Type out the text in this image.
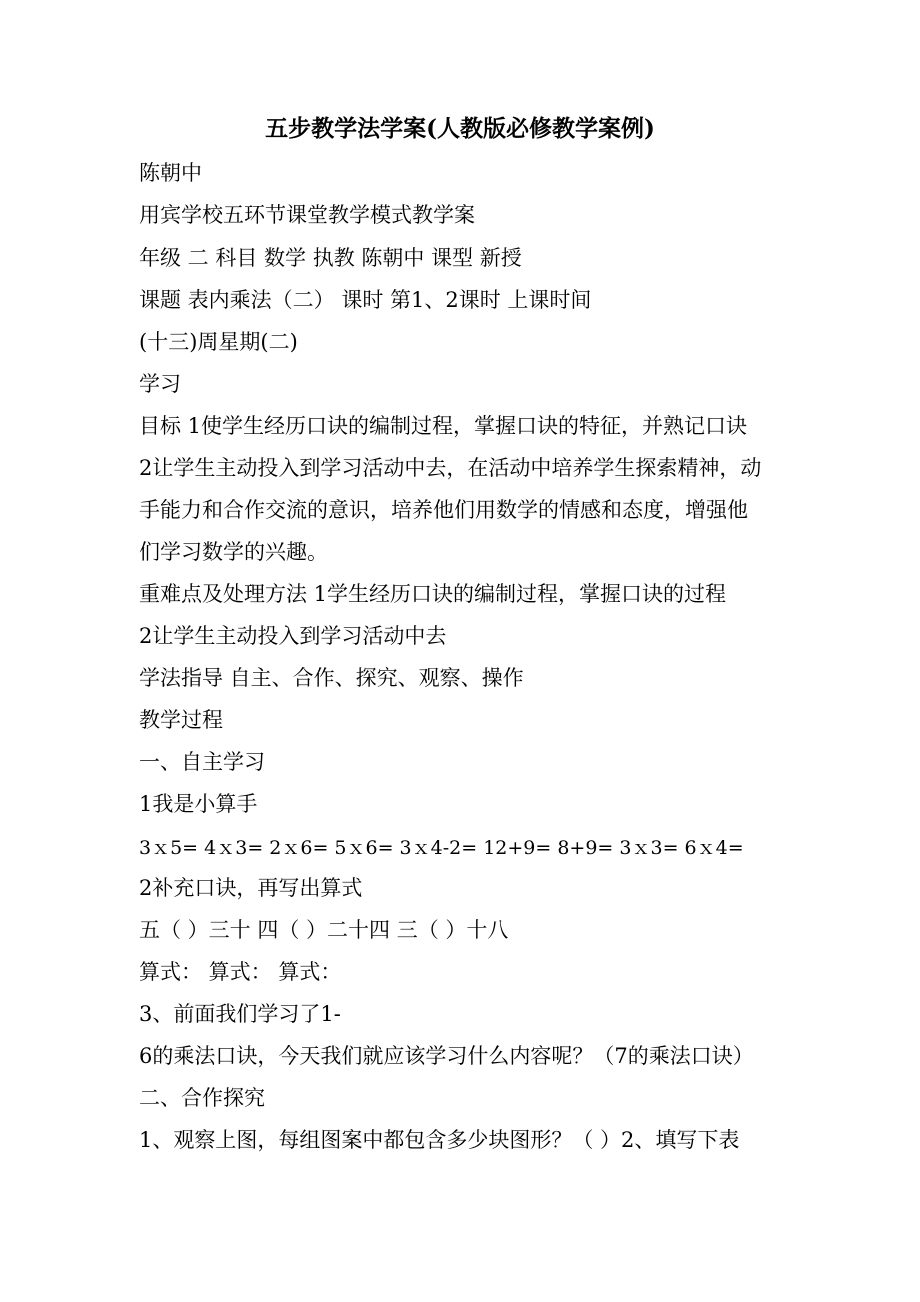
五步教学法学案(人教版必修教学案例)
陈朝中
用宾学校五环节课堂教学模式教学案
年级 二 科目 数学 执教 陈朝中 课型 新授
课题 表内乘法（二） 课时 第1、2课时 上课时间
(十三)周星期(二)
学习
目标 1使学生经历口诀的编制过程，掌握口诀的特征，并熟记口诀
2让学生主动投入到学习活动中去，在活动中培养学生探索精神，动
手能力和合作交流的意识，培养他们用数学的情感和态度，增强他
们学习数学的兴趣。
重难点及处理方法 1学生经历口诀的编制过程，掌握口诀的过程
2让学生主动投入到学习活动中去
学法指导 自主、合作、探究、观察、操作
教学过程
一、自主学习
1我是小算手
3ｘ5= 4ｘ3= 2ｘ6= 5ｘ6= 3ｘ4-2= 12+9= 8+9= 3ｘ3= 6ｘ4=
2补充口诀，再写出算式
五（ ）三十 四（ ）二十四 三（ ）十八
算式： 算式： 算式：
3、前面我们学习了1-
6的乘法口诀，今天我们就应该学习什么内容呢？（7的乘法口诀）
二、合作探究
1、观察上图，每组图案中都包含多少块图形？（ ）2、填写下表
